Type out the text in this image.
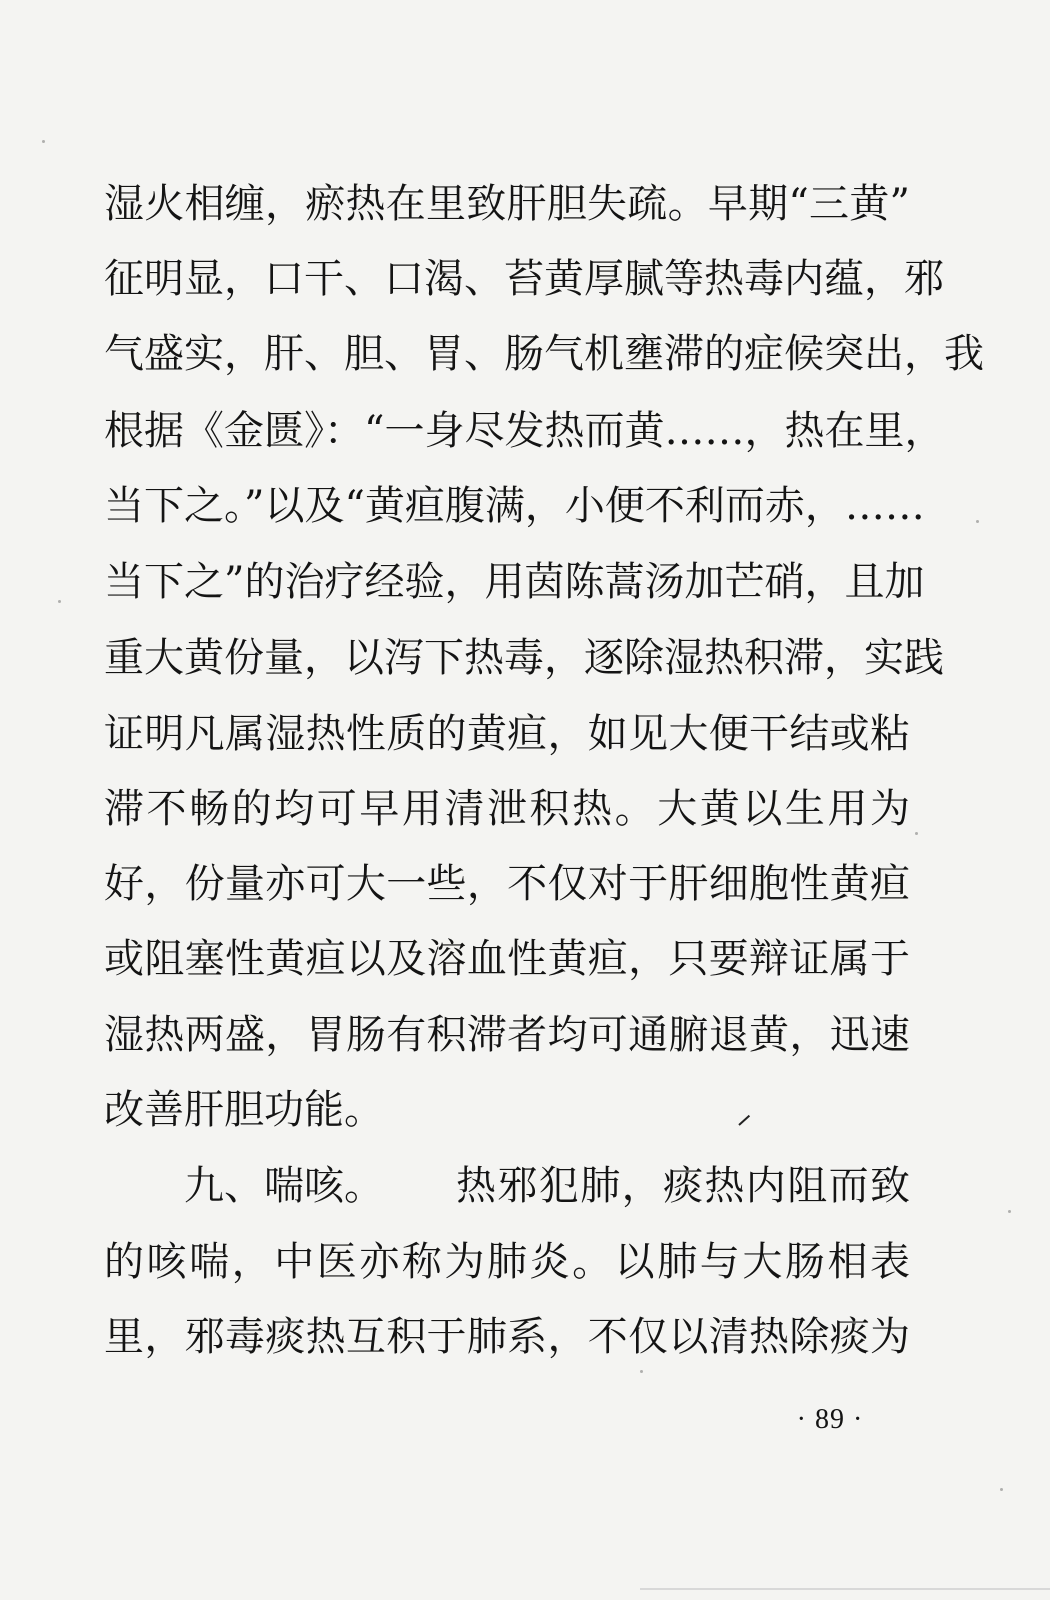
湿火相缠，瘀热在里致肝胆失疏。早期“三黄”
征明显，口干、口渴、苔黄厚腻等热毒内蕴，邪
气盛实，肝、胆、胃、肠气机壅滞的症候突出，我
根据《金匮》：“一身尽发热而黄……，热在里，
当下之。”以及“黄疸腹满，小便不利而赤，……
当下之”的治疗经验，用茵陈蒿汤加芒硝，且加
重大黄份量，以泻下热毒，逐除湿热积滞，实践
证明凡属湿热性质的黄疸，如见大便干结或粘
滞不畅的均可早用清泄积热。大黄以生用为
好，份量亦可大一些，不仅对于肝细胞性黄疸
或阻塞性黄疸以及溶血性黄疸，只要辩证属于
湿热两盛，胃肠有积滞者均可通腑退黄，迅速
改善肝胆功能。
九、喘咳。 热邪犯肺，痰热内阻而致
的咳喘，中医亦称为肺炎。以肺与大肠相表
里，邪毒痰热互积于肺系，不仅以清热除痰为
· 89 ·
